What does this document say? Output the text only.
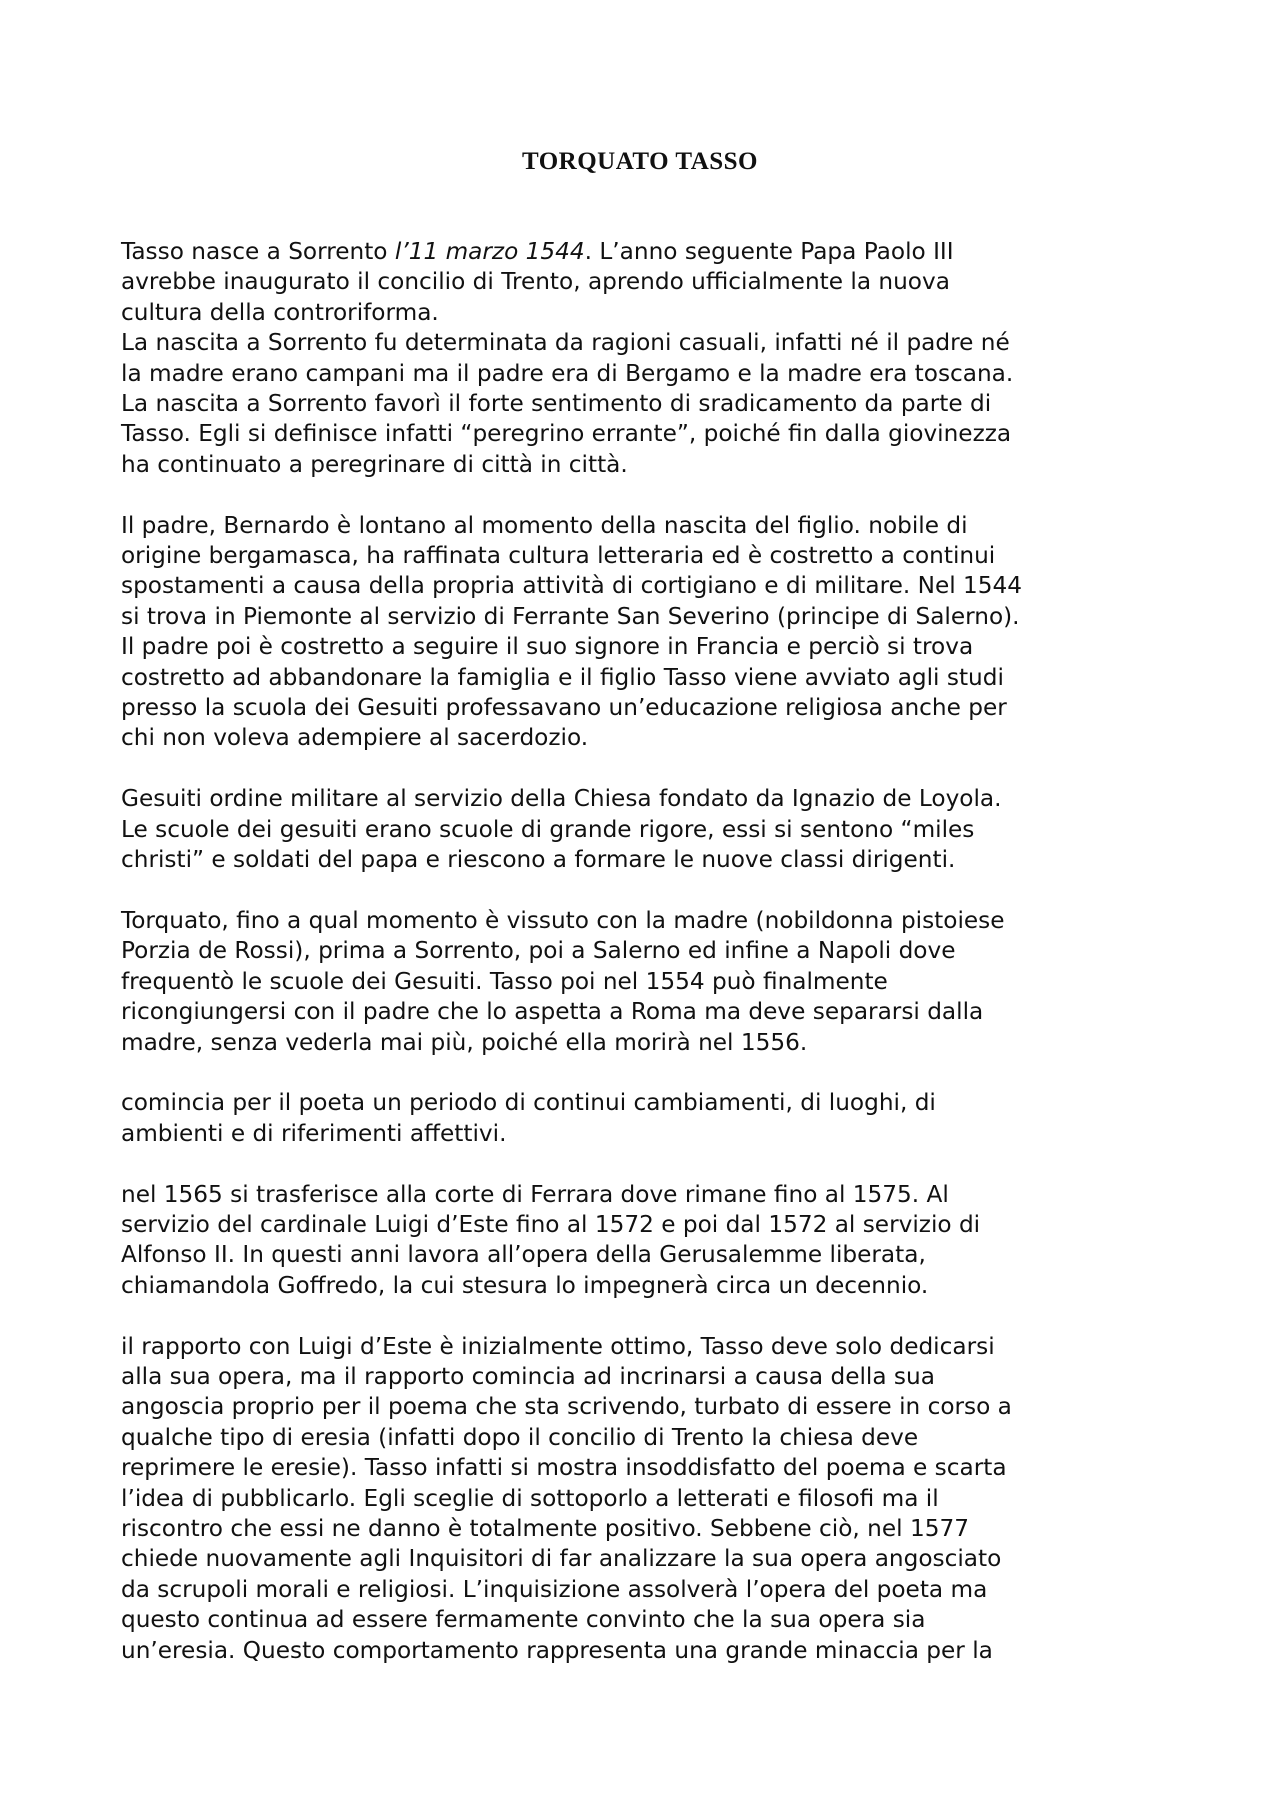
TORQUATO TASSO
Tasso nasce a Sorrento l’11 marzo 1544. L’anno seguente Papa Paolo III
avrebbe inaugurato il concilio di Trento, aprendo ufficialmente la nuova
cultura della controriforma.
La nascita a Sorrento fu determinata da ragioni casuali, infatti né il padre né
la madre erano campani ma il padre era di Bergamo e la madre era toscana.
La nascita a Sorrento favorì il forte sentimento di sradicamento da parte di
Tasso. Egli si definisce infatti “peregrino errante”, poiché fin dalla giovinezza
ha continuato a peregrinare di città in città.
Il padre, Bernardo è lontano al momento della nascita del figlio. nobile di
origine bergamasca, ha raffinata cultura letteraria ed è costretto a continui
spostamenti a causa della propria attività di cortigiano e di militare. Nel 1544
si trova in Piemonte al servizio di Ferrante San Severino (principe di Salerno).
Il padre poi è costretto a seguire il suo signore in Francia e perciò si trova
costretto ad abbandonare la famiglia e il figlio Tasso viene avviato agli studi
presso la scuola dei Gesuiti professavano un’educazione religiosa anche per
chi non voleva adempiere al sacerdozio.
Gesuiti ordine militare al servizio della Chiesa fondato da Ignazio de Loyola.
Le scuole dei gesuiti erano scuole di grande rigore, essi si sentono “miles
christi” e soldati del papa e riescono a formare le nuove classi dirigenti.
Torquato, fino a qual momento è vissuto con la madre (nobildonna pistoiese
Porzia de Rossi), prima a Sorrento, poi a Salerno ed infine a Napoli dove
frequentò le scuole dei Gesuiti. Tasso poi nel 1554 può finalmente
ricongiungersi con il padre che lo aspetta a Roma ma deve separarsi dalla
madre, senza vederla mai più, poiché ella morirà nel 1556.
comincia per il poeta un periodo di continui cambiamenti, di luoghi, di
ambienti e di riferimenti affettivi.
nel 1565 si trasferisce alla corte di Ferrara dove rimane fino al 1575. Al
servizio del cardinale Luigi d’Este fino al 1572 e poi dal 1572 al servizio di
Alfonso II. In questi anni lavora all’opera della Gerusalemme liberata,
chiamandola Goffredo, la cui stesura lo impegnerà circa un decennio.
il rapporto con Luigi d’Este è inizialmente ottimo, Tasso deve solo dedicarsi
alla sua opera, ma il rapporto comincia ad incrinarsi a causa della sua
angoscia proprio per il poema che sta scrivendo, turbato di essere in corso a
qualche tipo di eresia (infatti dopo il concilio di Trento la chiesa deve
reprimere le eresie). Tasso infatti si mostra insoddisfatto del poema e scarta
l’idea di pubblicarlo. Egli sceglie di sottoporlo a letterati e filosofi ma il
riscontro che essi ne danno è totalmente positivo. Sebbene ciò, nel 1577
chiede nuovamente agli Inquisitori di far analizzare la sua opera angosciato
da scrupoli morali e religiosi. L’inquisizione assolverà l’opera del poeta ma
questo continua ad essere fermamente convinto che la sua opera sia
un’eresia. Questo comportamento rappresenta una grande minaccia per la
